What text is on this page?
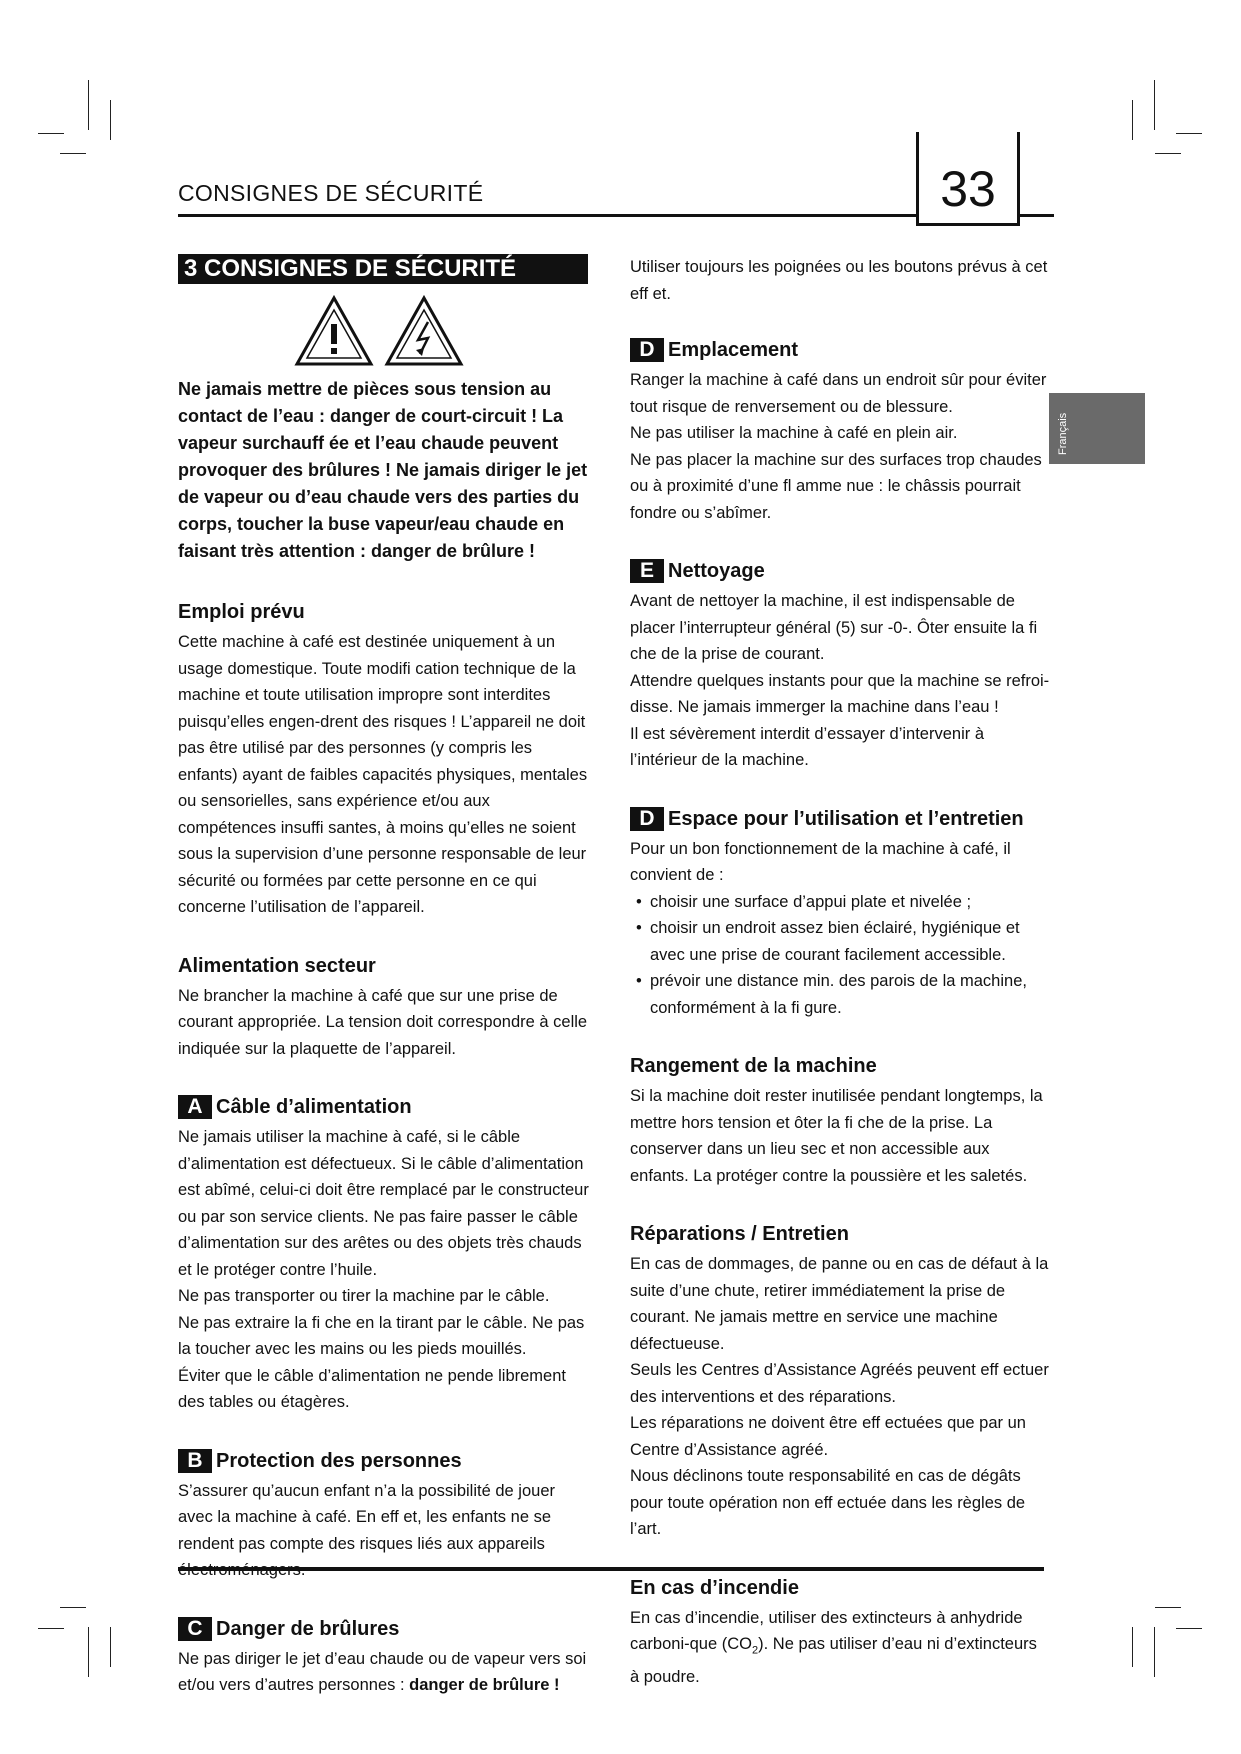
CONSIGNES DE SÉCURITÉ	33
Français
3 CONSIGNES DE SÉCURITÉ

Ne jamais mettre de pièces sous tension au contact de l’eau : danger de court-circuit ! La vapeur surchauff ée et l’eau chaude peuvent provoquer des brûlures ! Ne jamais diriger le jet de vapeur ou d’eau chaude vers des parties du corps, toucher la buse vapeur/eau chaude en faisant très attention : danger de brûlure !

Emploi prévu

Cette machine à café est destinée uniquement à un usage domestique. Toute modifi cation technique de la machine et toute utilisation impropre sont interdites puisqu’elles engen-drent des risques ! L’appareil ne doit pas être utilisé par des personnes (y compris les enfants) ayant de faibles capacités physiques, mentales ou sensorielles, sans expérience et/ou aux compétences insuffi santes, à moins qu’elles ne soient sous la supervision d’une personne responsable de leur sécurité ou formées par cette personne en ce qui concerne l’utilisation de l’appareil.

Alimentation secteur

Ne brancher la machine à café que sur une prise de courant appropriée. La tension doit correspondre à celle indiquée sur la plaquette de l’appareil.

A Câble d’alimentation

Ne jamais utiliser la machine à café, si le câble d’alimentation est défectueux. Si le câble d’alimentation est abîmé, celui-ci doit être remplacé par le constructeur ou par son service clients. Ne pas faire passer le câble d’alimentation sur des arêtes ou des objets très chauds et le protéger contre l’huile.

Ne pas transporter ou tirer la machine par le câble.

Ne pas extraire la fi che en la tirant par le câble. Ne pas la toucher avec les mains ou les pieds mouillés.

Éviter que le câble d’alimentation ne pende librement des tables ou étagères.

B Protection des personnes

S’assurer qu’aucun enfant n’a la possibilité de jouer avec la machine à café. En eff et, les enfants ne se rendent pas compte des risques liés aux appareils

C Danger de brûlures

Ne pas diriger le jet d’eau chaude ou de vapeur vers soi et/ou vers d’autres personnes : danger de brûlure !

Utiliser toujours les poignées ou les boutons prévus à cet eff et.

D Emplacement

Ranger la machine à café dans un endroit sûr pour éviter tout risque de renversement ou de blessure.

Ne pas utiliser la machine à café en plein air.

Ne pas placer la machine sur des surfaces trop chaudes ou à proximité d’une fl amme nue : le châssis pourrait fondre ou s’abîmer.

E Nettoyage

Avant de nettoyer la machine, il est indispensable de placer l’interrupteur général (5) sur -0-. Ôter ensuite la fi che de la prise de courant.

Attendre quelques instants pour que la machine se refroi-disse. Ne jamais immerger la machine dans l’eau !

Il est sévèrement interdit d’essayer d’intervenir à l’intérieur de la machine.

D Espace pour l’utilisation et l’entretien

Pour un bon fonctionnement de la machine à café, il convient de :

• choisir une surface d’appui plate et nivelée ;
• choisir un endroit assez bien éclairé, hygiénique et avec une prise de courant facilement accessible.
• prévoir une distance min. des parois de la machine, conformément à la fi gure.
Rangement de la machine

Si la machine doit rester inutilisée pendant longtemps, la mettre hors tension et ôter la fi che de la prise. La conserver dans un lieu sec et non accessible aux enfants. La protéger contre la poussière et les saletés.

Réparations / Entretien

En cas de dommages, de panne ou en cas de défaut à la suite d’une chute, retirer immédiatement la prise de courant. Ne jamais mettre en service une machine défectueuse.

Seuls les Centres d’Assistance Agréés peuvent eff ectuer des interventions et des réparations.

Les réparations ne doivent être eff ectuées que par un Centre d’Assistance agréé.

Nous déclinons toute responsabilité en cas de dégâts pour toute opération non eff ectuée dans les règles de l’art.

En cas d’incendie

En cas d’incendie, utiliser des extincteurs à anhydride carboni-que $(CO_2)$. Ne pas utiliser d’eau ni d’extincteurs à poudre.
